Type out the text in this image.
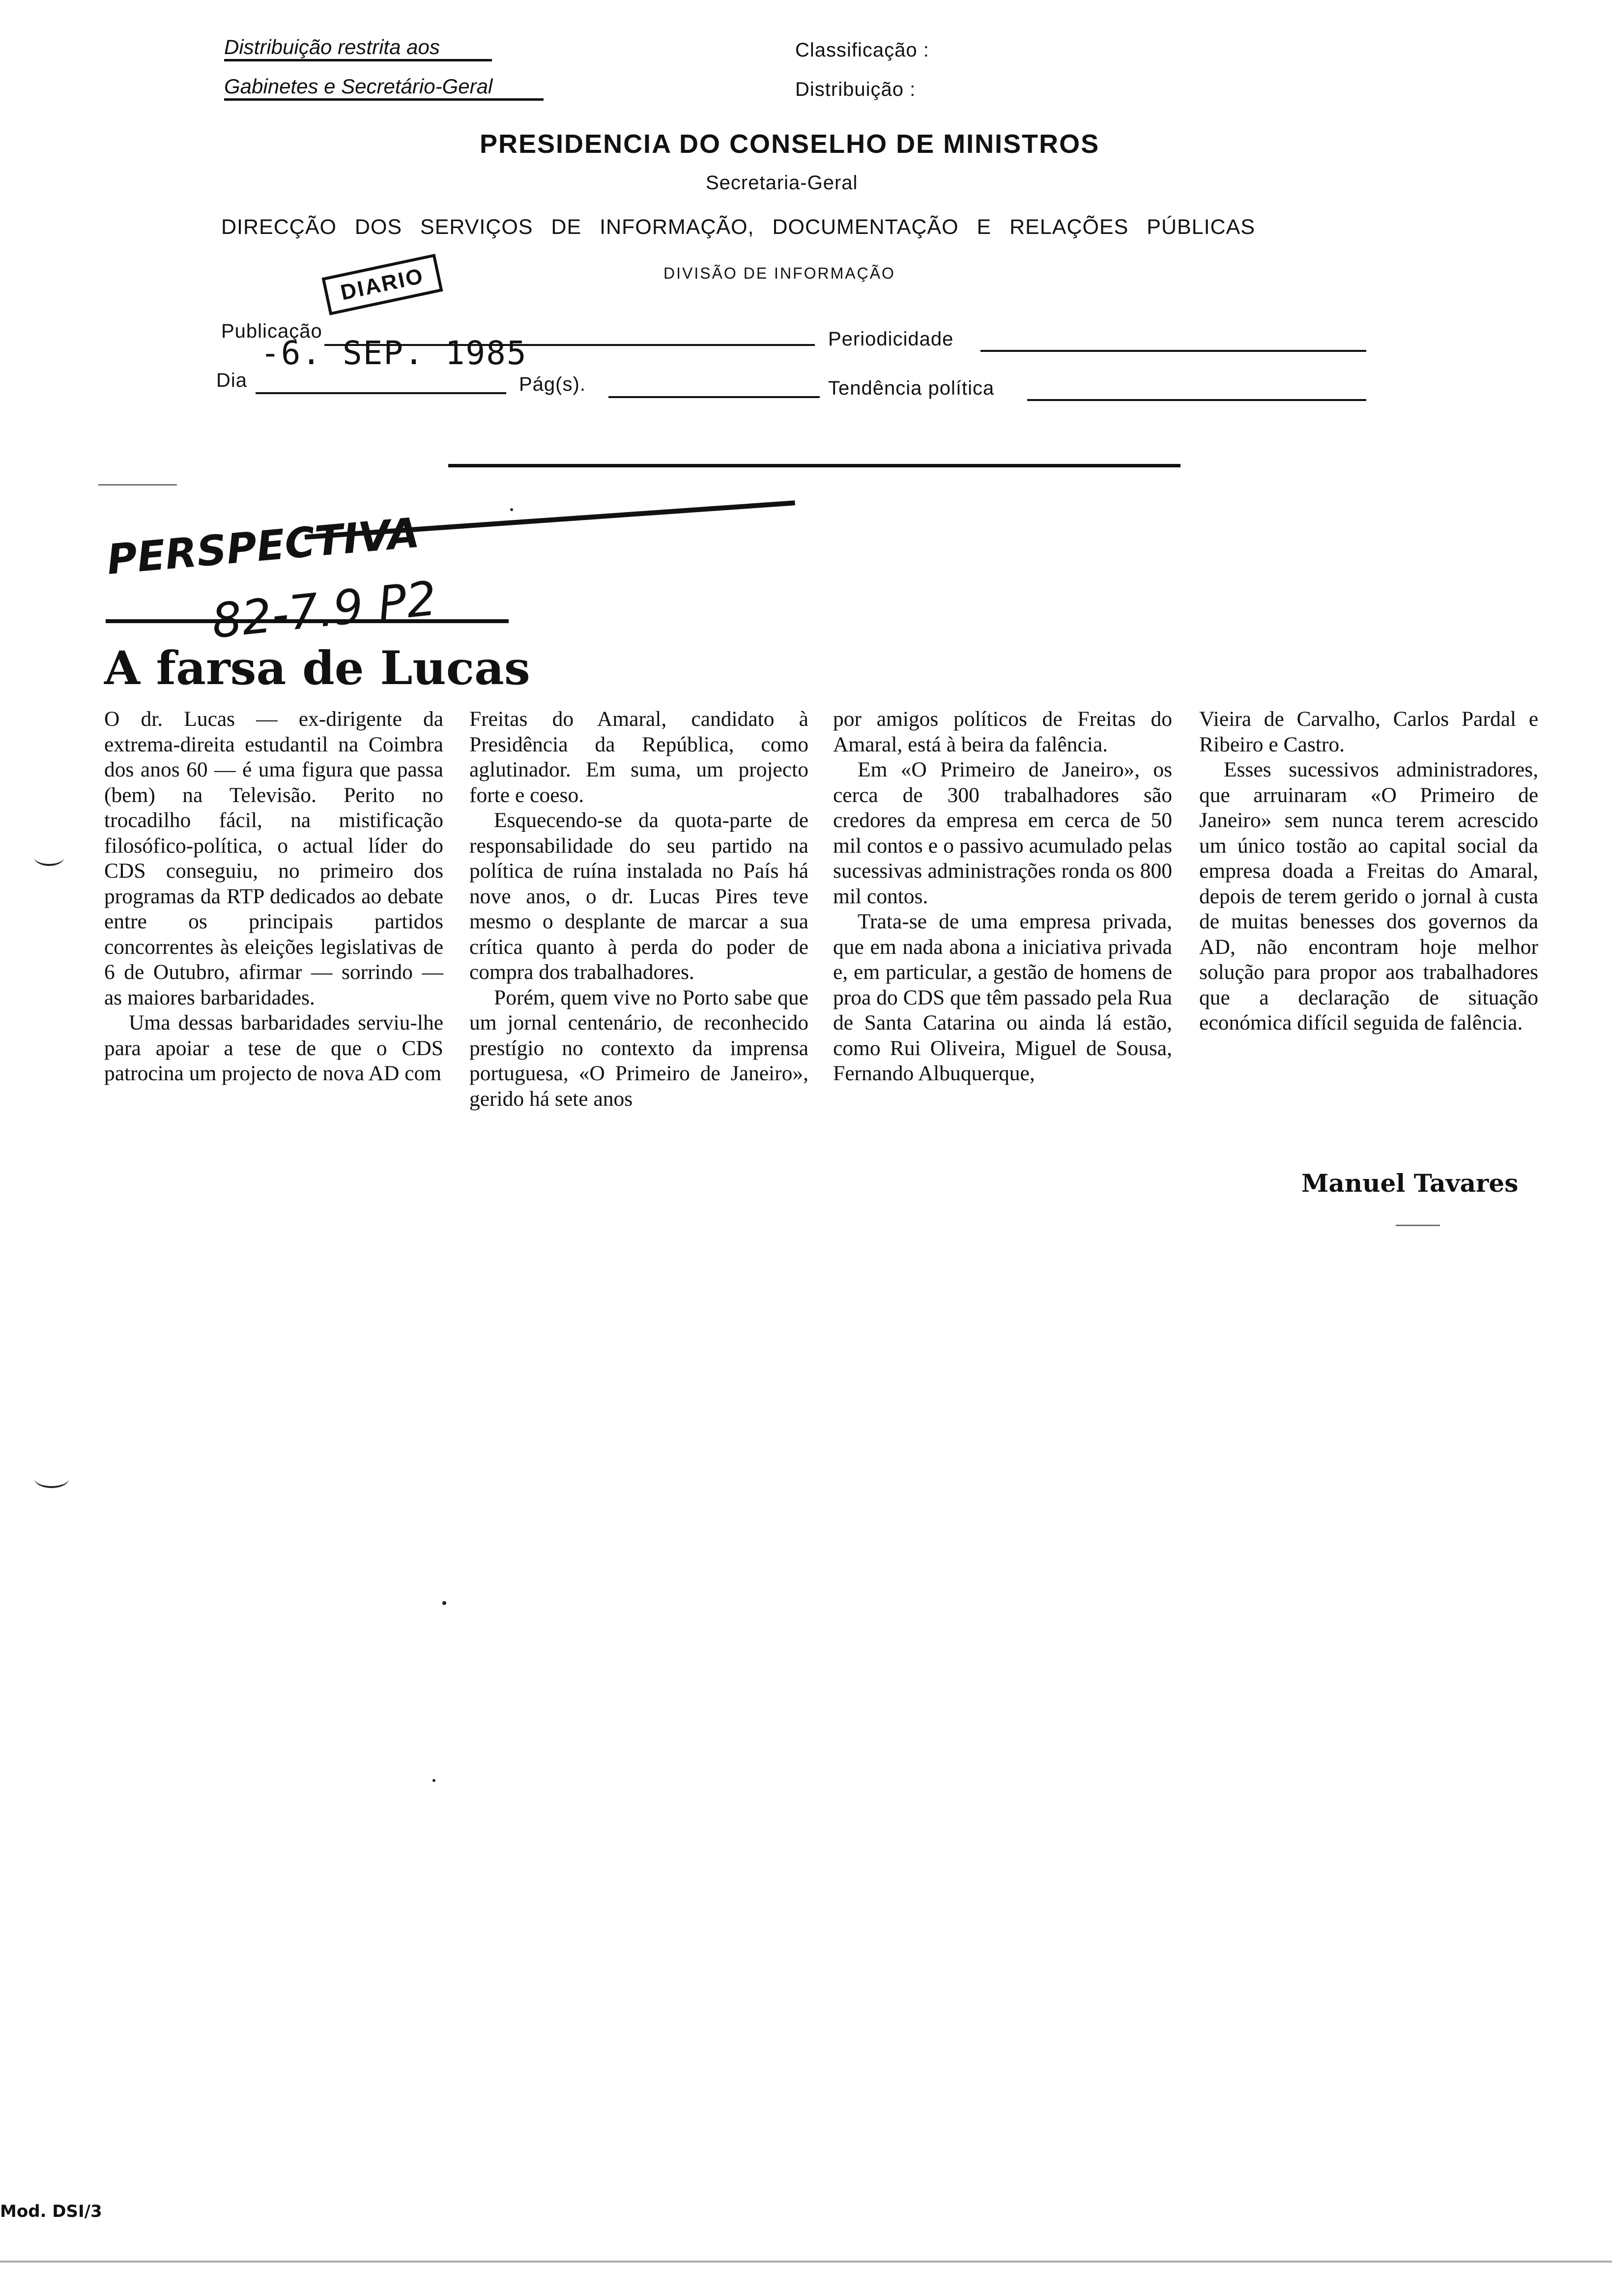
Distribuição restrita aos
Gabinetes e Secretário-Geral
Classificação :
Distribuição :
PRESIDENCIA DO CONSELHO DE MINISTROS
Secretaria-Geral
DIRECÇÃO DOS SERVIÇOS DE INFORMAÇÃO, DOCUMENTAÇÃO E RELAÇÕES PÚBLICAS
DIVISÃO DE INFORMAÇÃO
DIARIO
Publicação
-6. SEP. 1985
Dia	Pág(s).
Periodicidade
Tendência política
PERSPECTIVA
82-7.9 P2
A farsa de Lucas

O dr. Lucas — ex-dirigente da extrema-direita estudantil na Coimbra dos anos 60 — é uma figura que passa (bem) na Televisão. Perito no trocadilho fácil, na mistificação filosófico-política, o actual líder do CDS conseguiu, no primeiro dos programas da RTP dedicados ao debate entre os principais partidos concorrentes às eleições legislativas de 6 de Outubro, afirmar — sorrindo — as maiores barbaridades.

Uma dessas barbaridades serviu-lhe para apoiar a tese de que o CDS patrocina um projecto de nova AD com

Freitas do Amaral, candidato à Presidência da República, como aglutinador. Em suma, um projecto forte e coeso.

Esquecendo-se da quota-parte de responsabilidade do seu partido na política de ruína instalada no País há nove anos, o dr. Lucas Pires teve mesmo o desplante de marcar a sua crítica quanto à perda do poder de compra dos trabalhadores.

Porém, quem vive no Porto sabe que um jornal centenário, de reconhecido prestígio no contexto da imprensa portuguesa, «O Primeiro de Janeiro», gerido há sete anos

por amigos políticos de Freitas do Amaral, está à beira da falência.

Em «O Primeiro de Janeiro», os cerca de 300 trabalhadores são credores da empresa em cerca de 50 mil contos e o passivo acumulado pelas sucessivas administrações ronda os 800 mil contos.

Trata-se de uma empresa privada, que em nada abona a iniciativa privada e, em particular, a gestão de homens de proa do CDS que têm passado pela Rua de Santa Catarina ou ainda lá estão, como Rui Oliveira, Miguel de Sousa, Fernando Albuquerque,

Vieira de Carvalho, Carlos Pardal e Ribeiro e Castro.

Esses sucessivos administradores, que arruinaram «O Primeiro de Janeiro» sem nunca terem acrescido um único tostão ao capital social da empresa doada a Freitas do Amaral, depois de terem gerido o jornal à custa de muitas benesses dos governos da AD, não encontram hoje melhor solução para propor aos trabalhadores que a declaração de situação económica difícil seguida de falência.

Manuel Tavares
Mod. DSI/3
